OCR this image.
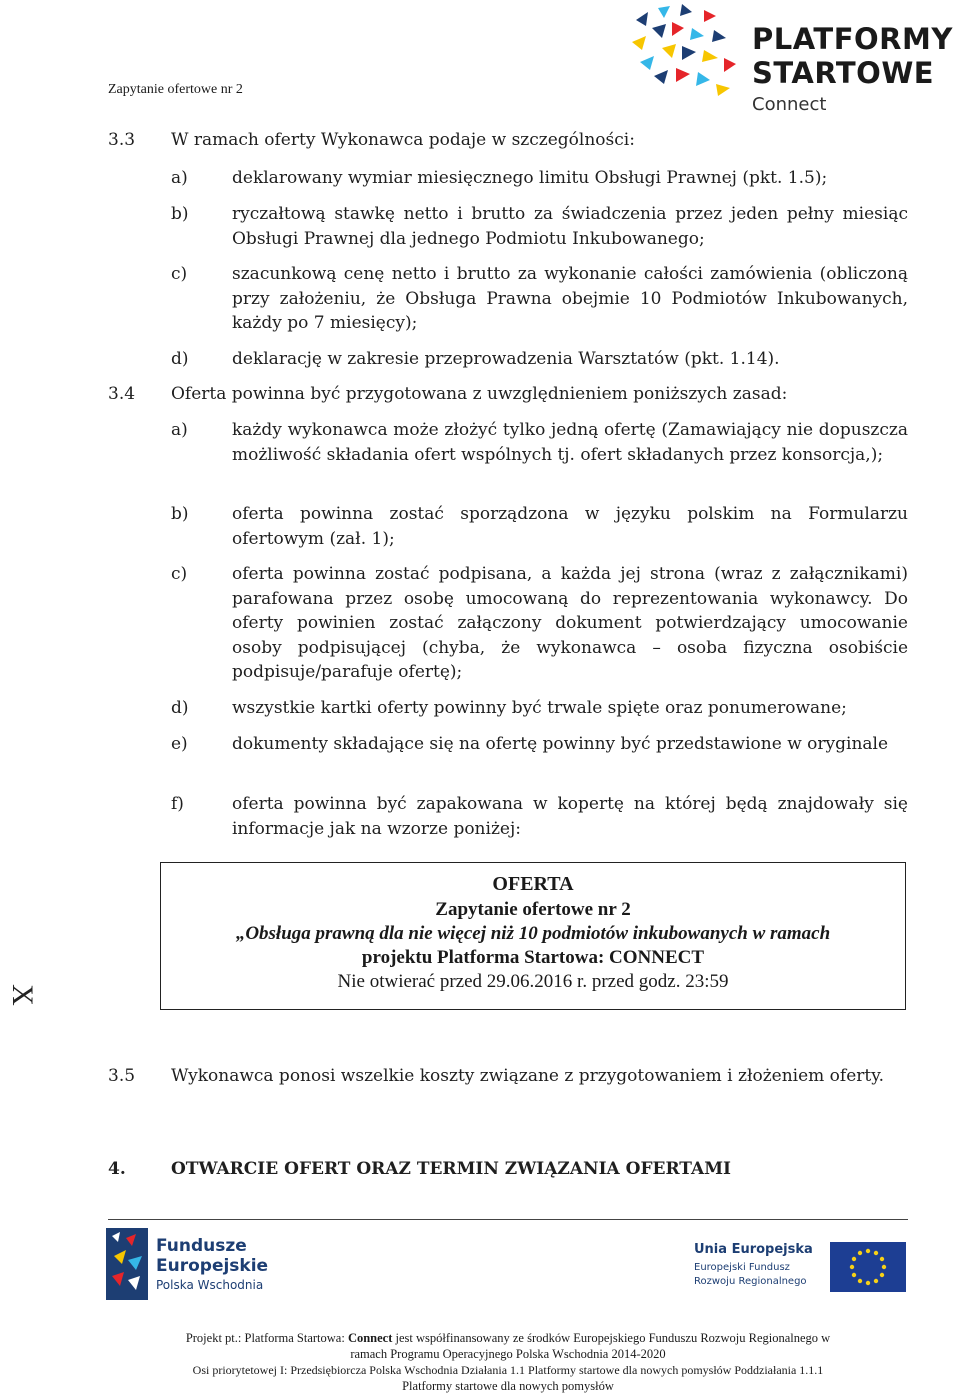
Zapytanie ofertowe nr 2
PLATFORMY
STARTOWE
Connect
3.3 W ramach oferty Wykonawca podaje w szczególności:
a)	deklarowany wymiar miesięcznego limitu Obsługi Prawnej (pkt. 1.5);
b)	ryczałtową stawkę netto i brutto za świadczenia przez jeden pełny miesiąc Obsługi Prawnej dla jednego Podmiotu Inkubowanego;
c)	szacunkową cenę netto i brutto za wykonanie całości zamówienia (obliczoną przy założeniu, że Obsługa Prawna obejmie 10 Podmiotów Inkubowanych, każdy po 7 miesięcy);
d)	deklarację w zakresie przeprowadzenia Warsztatów (pkt. 1.14).
3.4 Oferta powinna być przygotowana z uwzględnieniem poniższych zasad:
a)	każdy wykonawca może złożyć tylko jedną ofertę (Zamawiający nie dopuszcza możliwość składania ofert wspólnych tj. ofert składanych przez konsorcja,);
b)	oferta powinna zostać sporządzona w języku polskim na Formularzu ofertowym (zał. 1);
c)	oferta powinna zostać podpisana, a każda jej strona (wraz z załącznikami) parafowana przez osobę umocowaną do reprezentowania wykonawcy. Do oferty powinien zostać załączony dokument potwierdzający umocowanie osoby podpisującej (chyba, że wykonawca – osoba fizyczna osobiście podpisuje/parafuje ofertę);
d)	wszystkie kartki oferty powinny być trwale spięte oraz ponumerowane;
e)	dokumenty składające się na ofertę powinny być przedstawione w oryginale
f)	oferta powinna być zapakowana w kopertę na której będą znajdowały się informacje jak na wzorze poniżej:
X
OFERTA
Zapytanie ofertowe nr 2
„Obsługa prawną dla nie więcej niż 10 podmiotów inkubowanych w ramach
projektu Platforma Startowa: CONNECT
Nie otwierać przed 29.06.2016 r. przed godz. 23:59
3.5 Wykonawca ponosi wszelkie koszty związane z przygotowaniem i złożeniem oferty.
4.	OTWARCIE OFERT ORAZ TERMIN ZWIĄZANIA OFERTAMI
Fundusze
Europejskie
Polska Wschodnia
Unia Europejska
Europejski Fundusz
Rozwoju Regionalnego
Projekt pt.: Platforma Startowa: Connect jest współfinansowany ze środków Europejskiego Funduszu Rozwoju Regionalnego w
ramach Programu Operacyjnego Polska Wschodnia 2014-2020
Osi priorytetowej I: Przedsiębiorcza Polska Wschodnia Działania 1.1 Platformy startowe dla nowych pomysłów Poddziałania 1.1.1
Platformy startowe dla nowych pomysłów
